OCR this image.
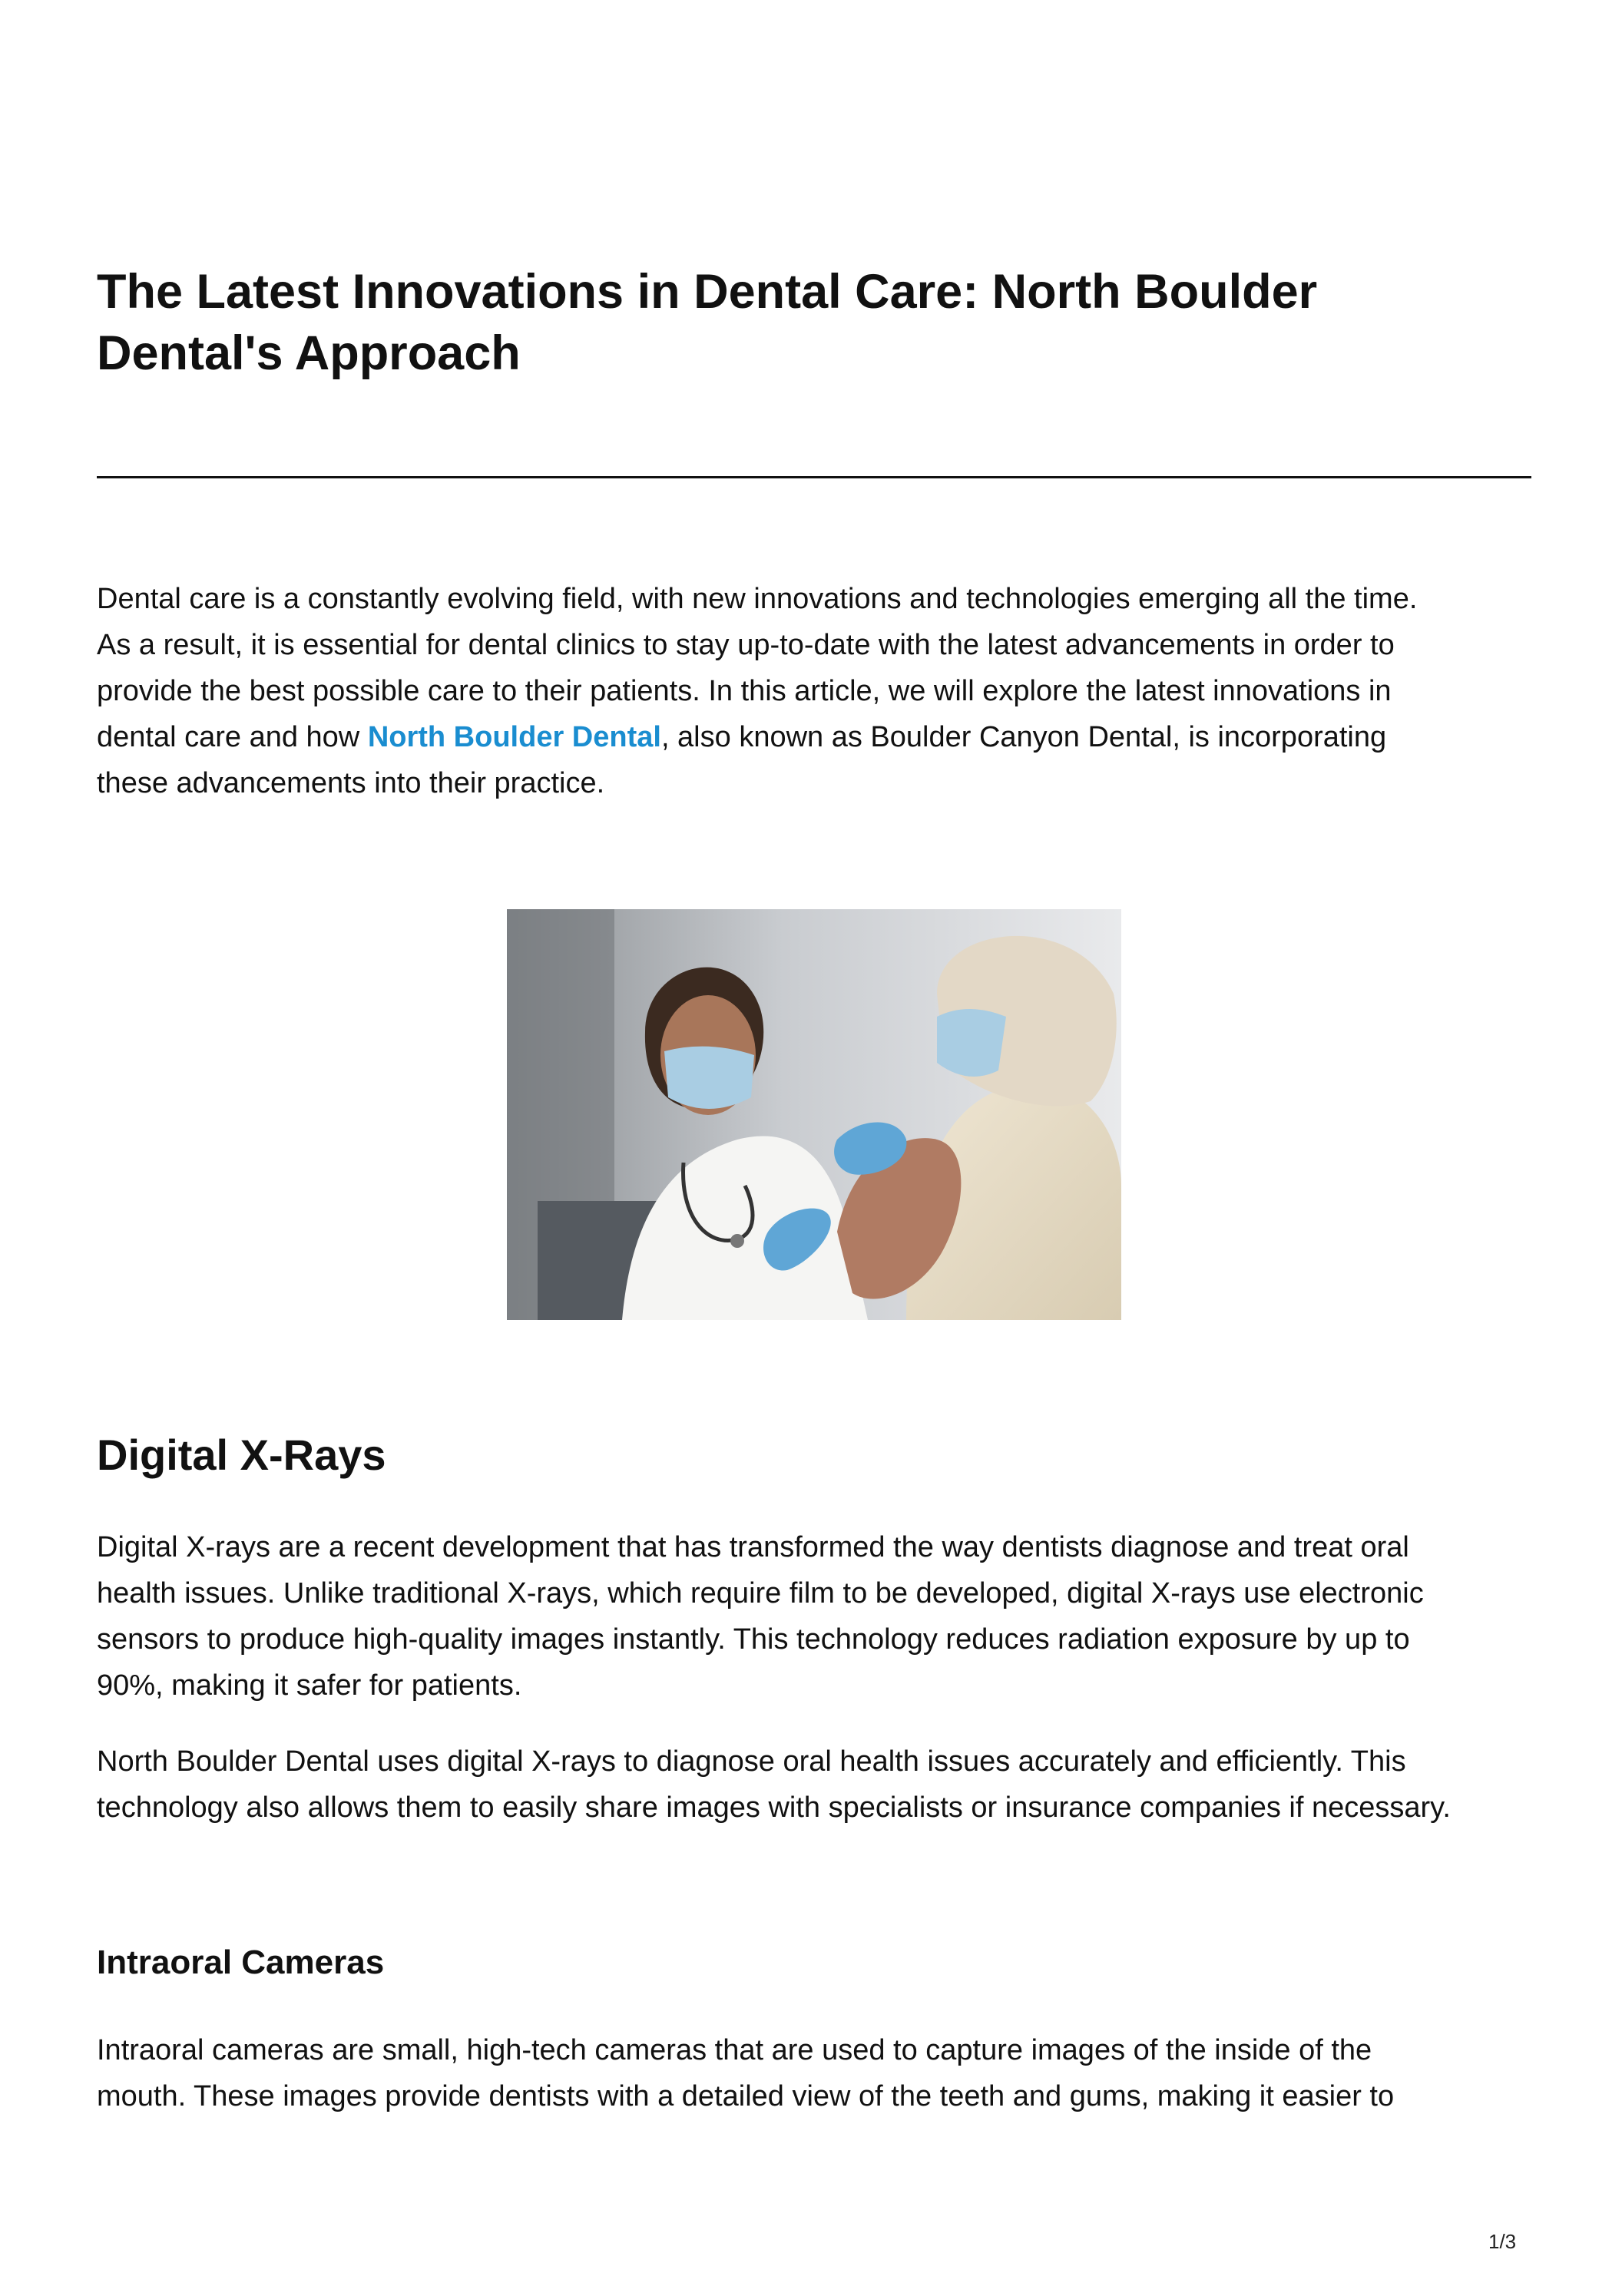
The Latest Innovations in Dental Care: North Boulder
Dental's Approach

Dental care is a constantly evolving field, with new innovations and technologies emerging all the time.
As a result, it is essential for dental clinics to stay up-to-date with the latest advancements in order to
provide the best possible care to their patients. In this article, we will explore the latest innovations in
dental care and how North Boulder Dental, also known as Boulder Canyon Dental, is incorporating
these advancements into their practice.

Digital X-Rays

Digital X-rays are a recent development that has transformed the way dentists diagnose and treat oral
health issues. Unlike traditional X-rays, which require film to be developed, digital X-rays use electronic
sensors to produce high-quality images instantly. This technology reduces radiation exposure by up to
90%, making it safer for patients.

North Boulder Dental uses digital X-rays to diagnose oral health issues accurately and efficiently. This
technology also allows them to easily share images with specialists or insurance companies if necessary.

Intraoral Cameras

Intraoral cameras are small, high-tech cameras that are used to capture images of the inside of the
mouth. These images provide dentists with a detailed view of the teeth and gums, making it easier to

1/3
